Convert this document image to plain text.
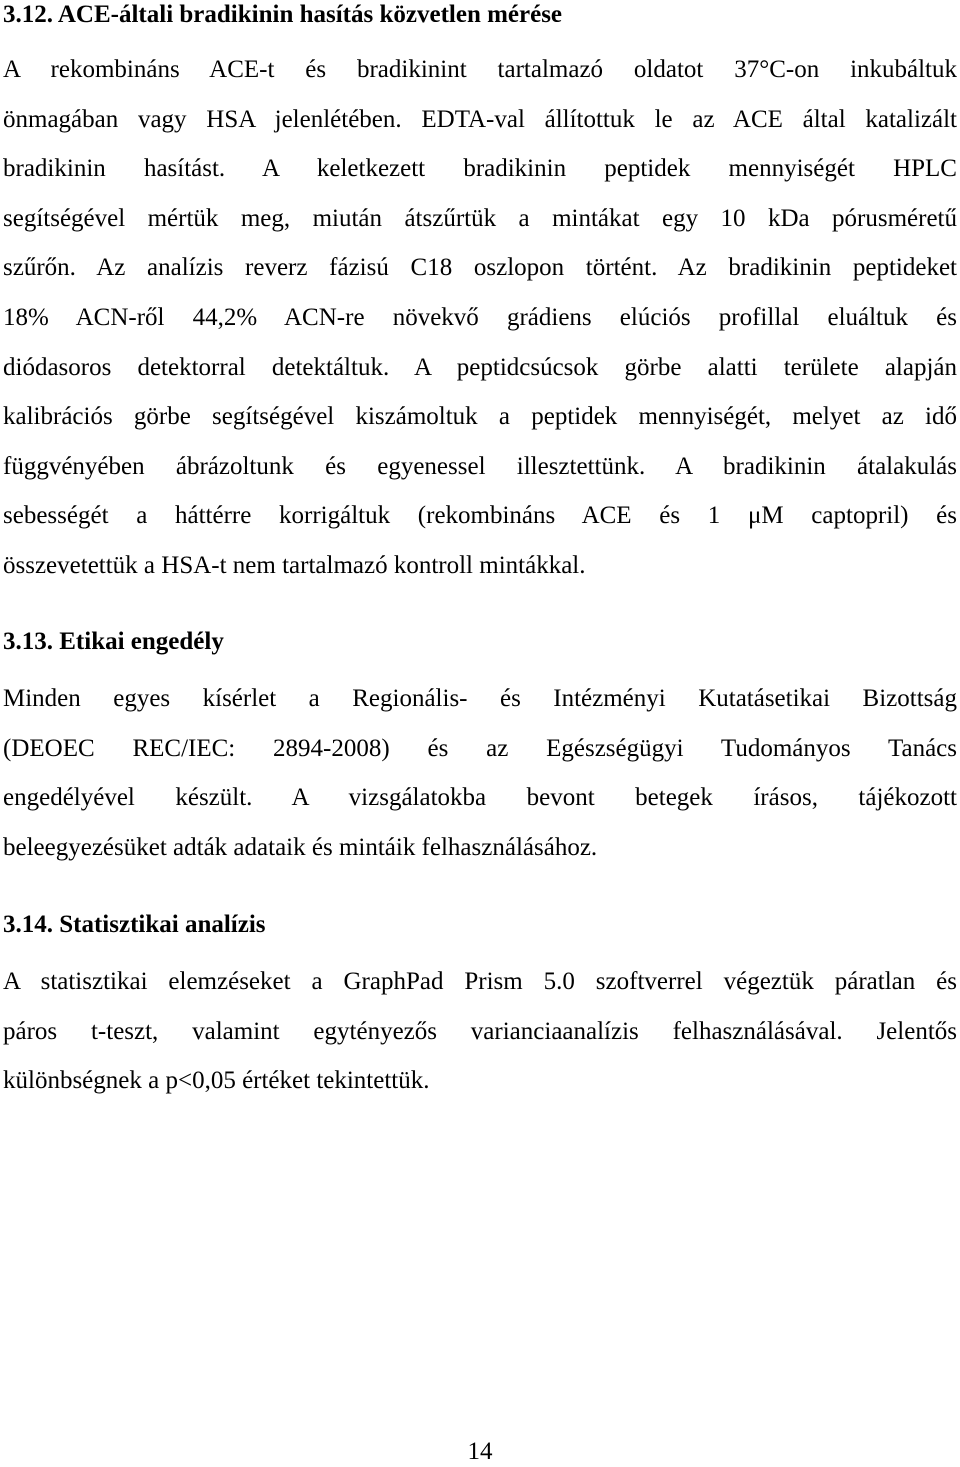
3.12. ACE-általi bradikinin hasítás közvetlen mérése
A rekombináns ACE-t és bradikinint tartalmazó oldatot 37°C-on inkubáltuk
önmagában vagy HSA jelenlétében. EDTA-val állítottuk le az ACE által katalizált
bradikinin hasítást. A keletkezett bradikinin peptidek mennyiségét HPLC
segítségével mértük meg, miután átszűrtük a mintákat egy 10 kDa pórusméretű
szűrőn. Az analízis reverz fázisú C18 oszlopon történt. Az bradikinin peptideket
18% ACN-ről 44,2% ACN-re növekvő grádiens elúciós profillal eluáltuk és
diódasoros detektorral detektáltuk. A peptidcsúcsok görbe alatti területe alapján
kalibrációs görbe segítségével kiszámoltuk a peptidek mennyiségét, melyet az idő
függvényében ábrázoltunk és egyenessel illesztettünk. A bradikinin átalakulás
sebességét a háttérre korrigáltuk (rekombináns ACE és 1 μM captopril) és
összevetettük a HSA-t nem tartalmazó kontroll mintákkal.
3.13. Etikai engedély
Minden egyes kísérlet a Regionális- és Intézményi Kutatásetikai Bizottság
(DEOEC REC/IEC: 2894-2008) és az Egészségügyi Tudományos Tanács
engedélyével készült. A vizsgálatokba bevont betegek írásos, tájékozott
beleegyezésüket adták adataik és mintáik felhasználásához.
3.14. Statisztikai analízis
A statisztikai elemzéseket a GraphPad Prism 5.0 szoftverrel végeztük páratlan és
páros t-teszt, valamint egytényezős varianciaanalízis felhasználásával. Jelentős
különbségnek a p<0,05 értéket tekintettük.
14
